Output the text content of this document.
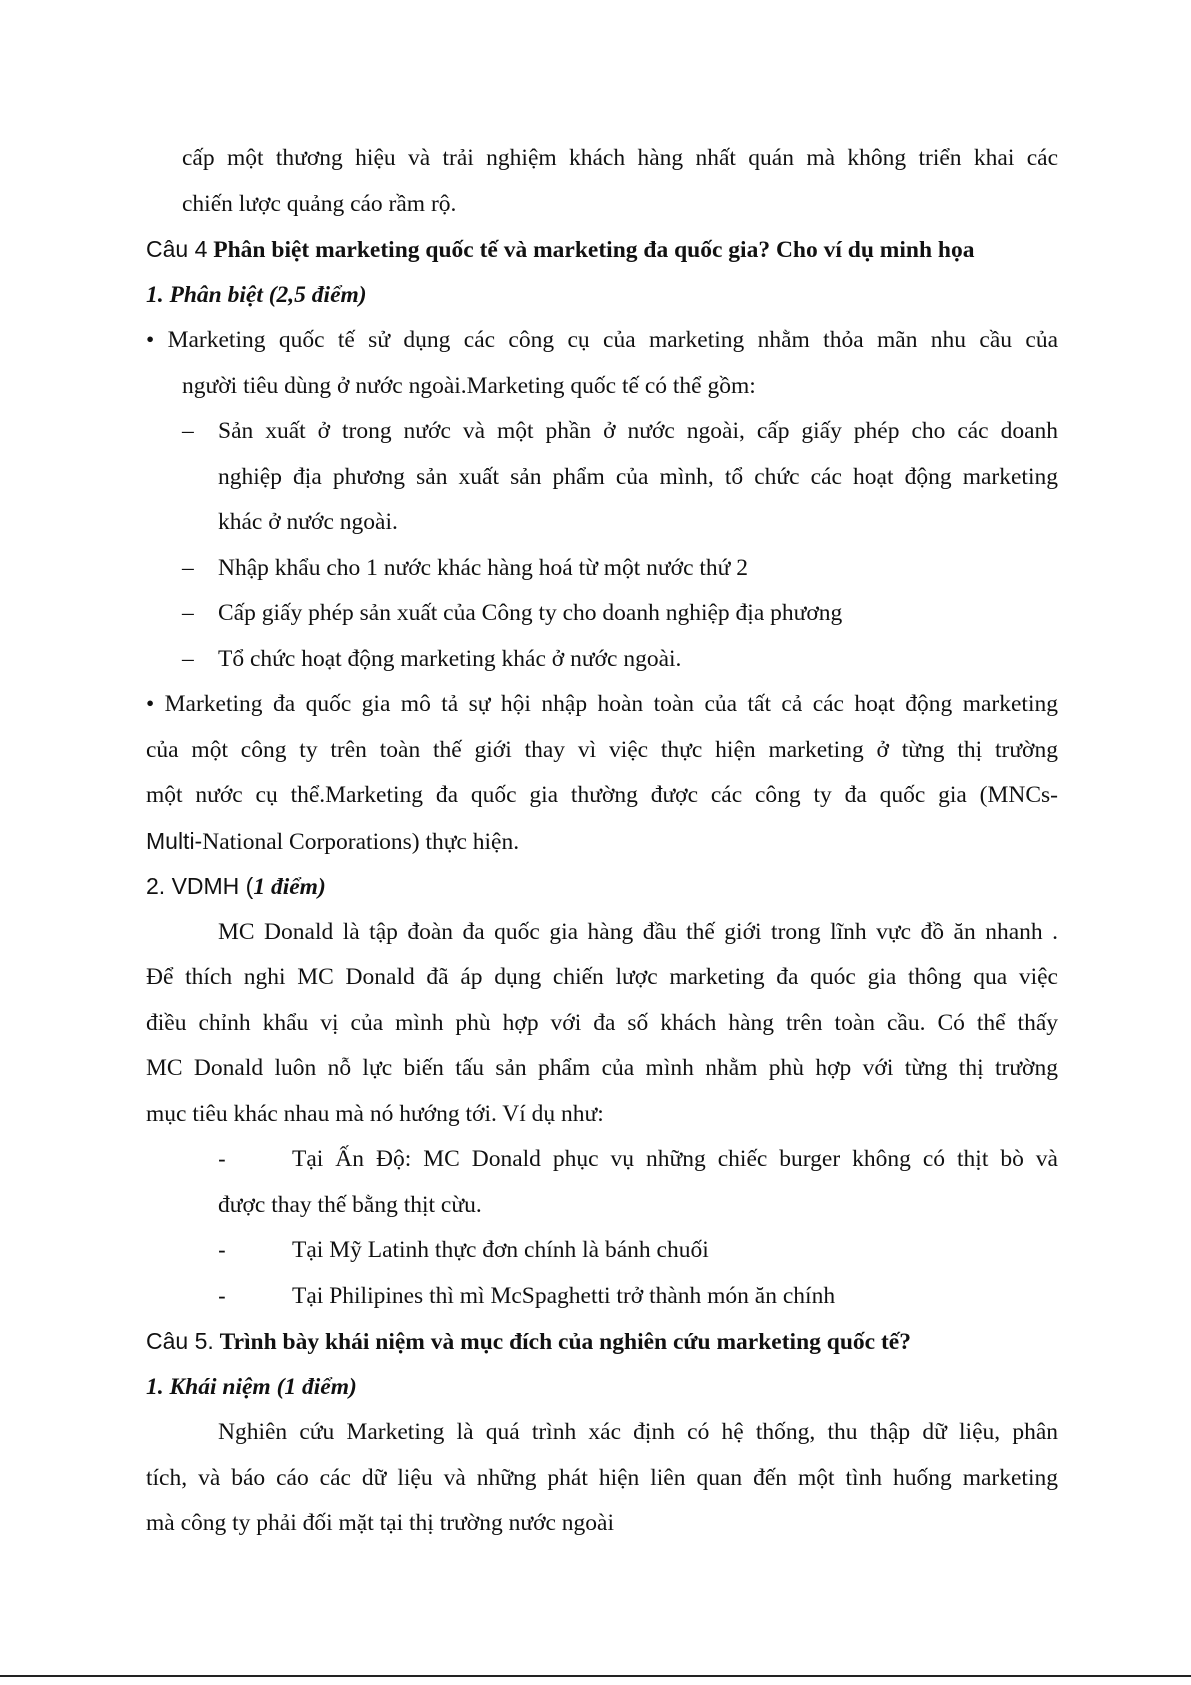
cấp một thương hiệu và trải nghiệm khách hàng nhất quán mà không triển khai các
chiến lược quảng cáo rầm rộ.
Câu 4 Phân biệt marketing quốc tế và marketing đa quốc gia? Cho ví dụ minh họa
1. Phân biệt (2,5 điểm)
• Marketing quốc tế sử dụng các công cụ của marketing nhằm thỏa mãn nhu cầu của
người tiêu dùng ở nước ngoài.Marketing quốc tế có thể gồm:
– Sản xuất ở trong nước và một phần ở nước ngoài, cấp giấy phép cho các doanh
nghiệp địa phương sản xuất sản phẩm của mình, tổ chức các hoạt động marketing
khác ở nước ngoài.
– Nhập khẩu cho 1 nước khác hàng hoá từ một nước thứ 2
– Cấp giấy phép sản xuất của Công ty cho doanh nghiệp địa phương
– Tổ chức hoạt động marketing khác ở nước ngoài.
• Marketing đa quốc gia mô tả sự hội nhập hoàn toàn của tất cả các hoạt động marketing
của một công ty trên toàn thế giới thay vì việc thực hiện marketing ở từng thị trường
một nước cụ thể.Marketing đa quốc gia thường được các công ty đa quốc gia (MNCs-
Multi-National Corporations) thực hiện.
2. VDMH (1 điểm)
MC Donald là tập đoàn đa quốc gia hàng đầu thế giới trong lĩnh vực đồ ăn nhanh .
Để thích nghi MC Donald đã áp dụng chiến lược marketing đa quóc gia thông qua việc
điều chỉnh khẩu vị của mình phù hợp với đa số khách hàng trên toàn cầu. Có thể thấy
MC Donald luôn nỗ lực biến tấu sản phẩm của mình nhằm phù hợp với từng thị trường
mục tiêu khác nhau mà nó hướng tới. Ví dụ như:
-	Tại Ấn Độ: MC Donald phục vụ những chiếc burger không có thịt bò và
được thay thế bằng thịt cừu.
-	Tại Mỹ Latinh thực đơn chính là bánh chuối
-	Tại Philipines thì mì McSpaghetti trở thành món ăn chính
Câu 5. Trình bày khái niệm và mục đích của nghiên cứu marketing quốc tế?
1. Khái niệm (1 điểm)
Nghiên cứu Marketing là quá trình xác định có hệ thống, thu thập dữ liệu, phân
tích, và báo cáo các dữ liệu và những phát hiện liên quan đến một tình huống marketing
mà công ty phải đối mặt tại thị trường nước ngoài
